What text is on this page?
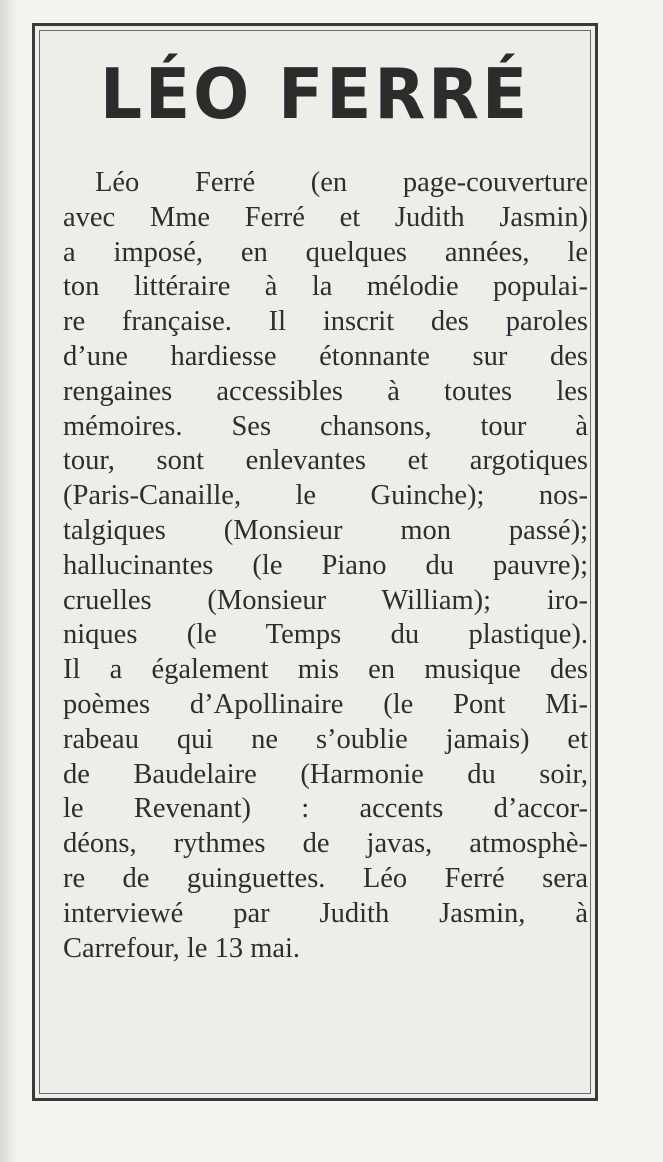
LÉO FERRÉ

Léo Ferré (en page-couverture
avec Mme Ferré et Judith Jasmin)
a imposé, en quelques années, le
ton littéraire à la mélodie populai-
re française. Il inscrit des paroles
d’une hardiesse étonnante sur des
rengaines accessibles à toutes les
mémoires. Ses chansons, tour à
tour, sont enlevantes et argotiques
(Paris-Canaille, le Guinche); nos-
talgiques (Monsieur mon passé);
hallucinantes (le Piano du pauvre);
cruelles (Monsieur William); iro-
niques (le Temps du plastique).
Il a également mis en musique des
poèmes d’Apollinaire (le Pont Mi-
rabeau qui ne s’oublie jamais) et
de Baudelaire (Harmonie du soir,
le Revenant) : accents d’accor-
déons, rythmes de javas, atmosphè-
re de guinguettes. Léo Ferré sera
interviewé par Judith Jasmin, à
Carrefour, le 13 mai.
